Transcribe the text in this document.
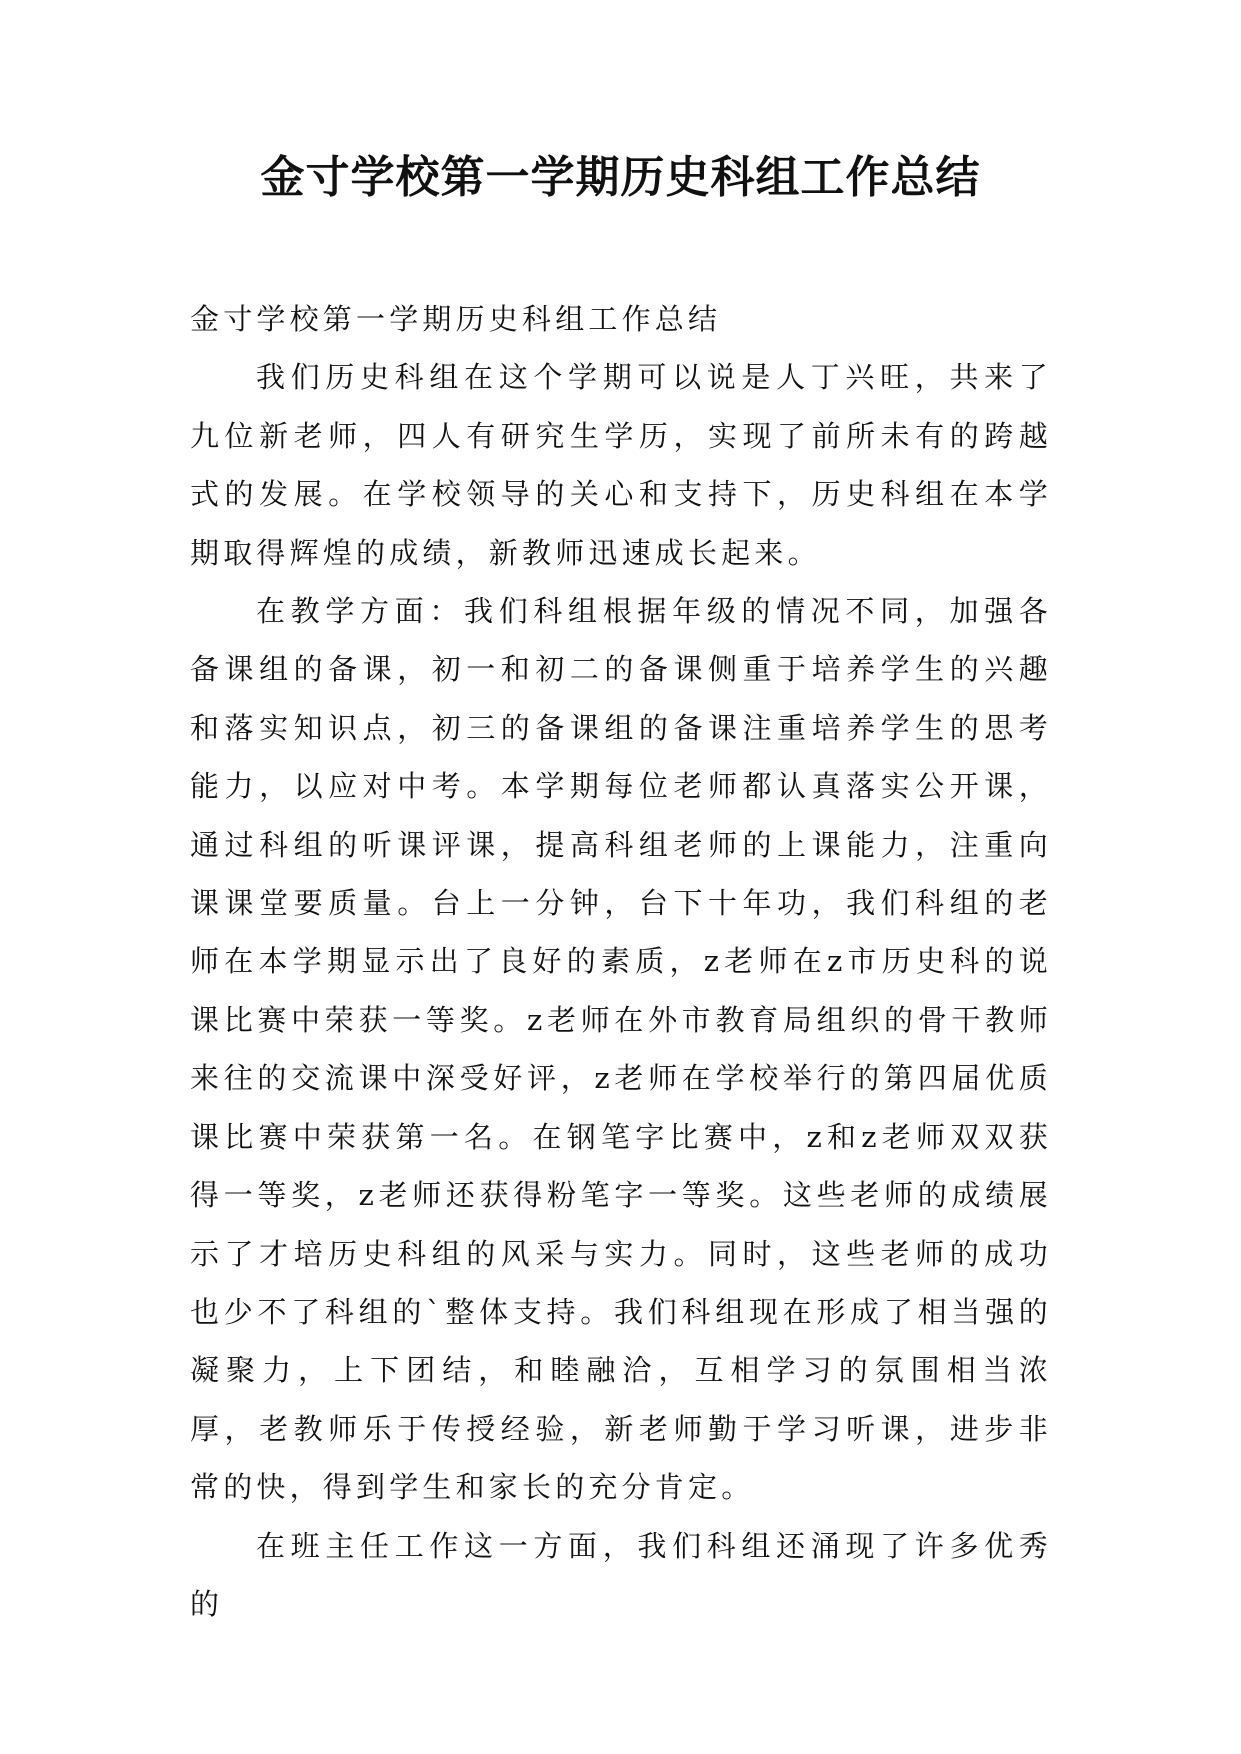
金寸学校第一学期历史科组工作总结

金寸学校第一学期历史科组工作总结

我们历史科组在这个学期可以说是人丁兴旺，共来了九位新老师，四人有研究生学历，实现了前所未有的跨越式的发展。在学校领导的关心和支持下，历史科组在本学期取得辉煌的成绩，新教师迅速成长起来。

在教学方面：我们科组根据年级的情况不同，加强各备课组的备课，初一和初二的备课侧重于培养学生的兴趣和落实知识点，初三的备课组的备课注重培养学生的思考能力，以应对中考。本学期每位老师都认真落实公开课，通过科组的听课评课，提高科组老师的上课能力，注重向课课堂要质量。台上一分钟，台下十年功，我们科组的老师在本学期显示出了良好的素质，z老师在z市历史科的说课比赛中荣获一等奖。z老师在外市教育局组织的骨干教师来往的交流课中深受好评，z老师在学校举行的第四届优质课比赛中荣获第一名。在钢笔字比赛中，z和z老师双双获得一等奖，z老师还获得粉笔字一等奖。这些老师的成绩展示了才培历史科组的风采与实力。同时，这些老师的成功也少不了科组的`整体支持。我们科组现在形成了相当强的凝聚力，上下团结，和睦融洽，互相学习的氛围相当浓厚，老教师乐于传授经验，新老师勤于学习听课，进步非常的快，得到学生和家长的充分肯定。

在班主任工作这一方面，我们科组还涌现了许多优秀的
